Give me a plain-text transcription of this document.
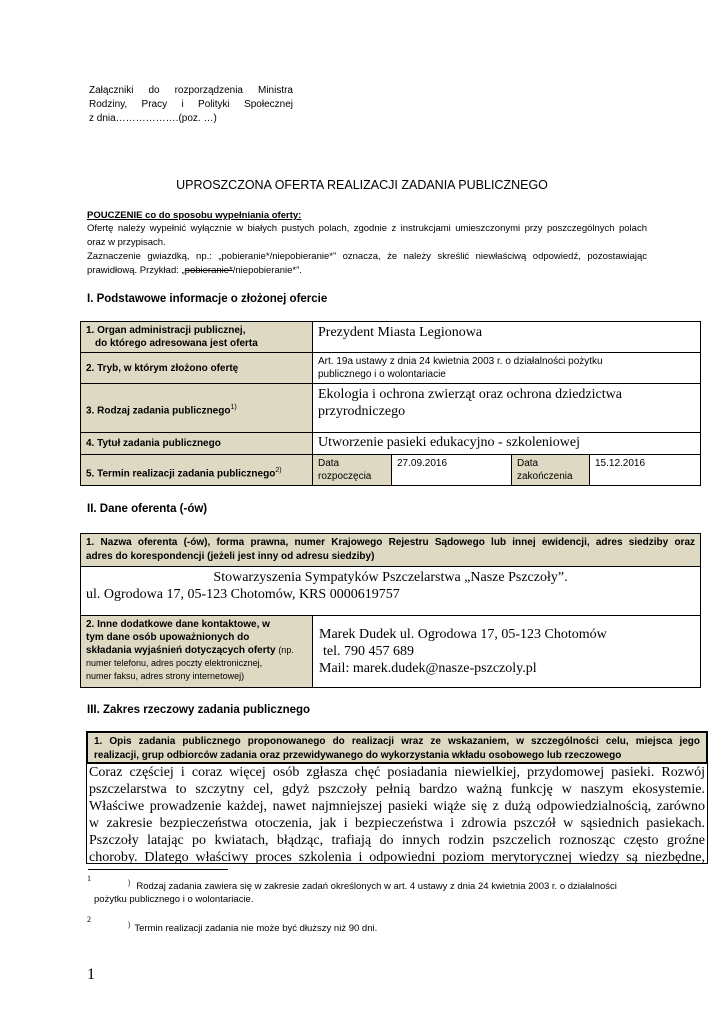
Załączniki do rozporządzenia Ministra
Rodziny, Pracy i Polityki Społecznej
z dnia……………….(poz. …)
UPROSZCZONA OFERTA REALIZACJI ZADANIA PUBLICZNEGO
POUCZENIE co do sposobu wypełniania oferty:
Ofertę należy wypełnić wyłącznie w białych pustych polach, zgodnie z instrukcjami umieszczonymi przy poszczególnych polach
oraz w przypisach.
Zaznaczenie gwiazdką, np.: „pobieranie*/niepobieranie*” oznacza, że należy skreślić niewłaściwą odpowiedź, pozostawiając
prawidłową. Przykład: „pobieranie*/niepobieranie*”.
I. Podstawowe informacje o złożonej ofercie
1. Organ administracji publicznej,
do którego adresowana jest oferta
Prezydent Miasta Legionowa
2. Tryb, w którym złożono ofertę
Art. 19a ustawy z dnia 24 kwietnia 2003 r. o działalności pożytku
publicznego i o wolontariacie
3. Rodzaj zadania publicznego$^{1)}$
Ekologia i ochrona zwierząt oraz ochrona dziedzictwa
przyrodniczego
4. Tytuł zadania publicznego	Utworzenie pasieki edukacyjno - szkoleniowej
5. Termin realizacji zadania publicznego$^{2)}$
Data
rozpoczęcia
27.09.2016	Data
zakończenia
15.12.2016
II. Dane oferenta (-ów)
1. Nazwa oferenta (-ów), forma prawna, numer Krajowego Rejestru Sądowego lub innej ewidencji, adres siedziby oraz
adres do korespondencji (jeżeli jest inny od adresu siedziby)
Stowarzyszenia Sympatyków Pszczelarstwa „Nasze Pszczoły”.
ul. Ogrodowa 17, 05-123 Chotomów, KRS 0000619757
2. Inne dodatkowe dane kontaktowe, w
tym dane osób upoważnionych do
składania wyjaśnień dotyczących oferty (np.
numer telefonu, adres poczty elektronicznej,
numer faksu, adres strony internetowej)
Marek Dudek ul. Ogrodowa 17, 05-123 Chotomów
tel. 790 457 689
Mail: marek.dudek@nasze-pszczoly.pl
III. Zakres rzeczowy zadania publicznego
1. Opis zadania publicznego proponowanego do realizacji wraz ze wskazaniem, w szczególności celu, miejsca jego
realizacji, grup odbiorców zadania oraz przewidywanego do wykorzystania wkładu osobowego lub rzeczowego
Coraz częściej i coraz więcej osób zgłasza chęć posiadania niewielkiej, przydomowej pasieki. Rozwój
pszczelarstwa to szczytny cel, gdyż pszczoły pełnią bardzo ważną funkcję w naszym ekosystemie.
Właściwe prowadzenie każdej, nawet najmniejszej pasieki wiąże się z dużą odpowiedzialnością, zarówno
w zakresie bezpieczeństwa otoczenia, jak i bezpieczeństwa i zdrowia pszczół w sąsiednich pasiekach.
Pszczoły latając po kwiatach, błądząc, trafiają do innych rodzin pszczelich roznosząc często groźne
choroby. Dlatego właściwy proces szkolenia i odpowiedni poziom merytorycznej wiedzy są niezbędne,
1
) Rodzaj zadania zawiera się w zakresie zadań określonych w art. 4 ustawy z dnia 24 kwietnia 2003 r. o działalności
pożytku publicznego i o wolontariacie.
2
) Termin realizacji zadania nie może być dłuższy niż 90 dni.
1
